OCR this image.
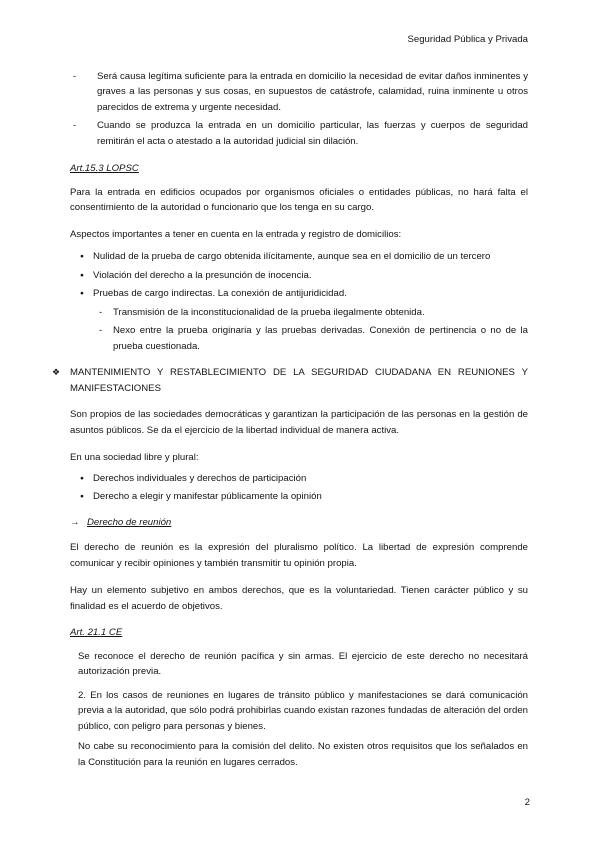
Seguridad Pública y Privada
-	Será causa legítima suficiente para la entrada en domicilio la necesidad de evitar daños inminentes y graves a las personas y sus cosas, en supuestos de catástrofe, calamidad, ruina inminente u otros parecidos de extrema y urgente necesidad.
-	Cuando se produzca la entrada en un domicilio particular, las fuerzas y cuerpos de seguridad remitirán el acta o atestado a la autoridad judicial sin dilación.
Art.15.3 LOPSC
Para la entrada en edificios ocupados por organismos oficiales o entidades públicas, no hará falta el consentimiento de la autoridad o funcionario que los tenga en su cargo.
Aspectos importantes a tener en cuenta en la entrada y registro de domicilios:
● Nulidad de la prueba de cargo obtenida ilícitamente, aunque sea en el domicilio de un tercero
● Violación del derecho a la presunción de inocencia.
● Pruebas de cargo indirectas. La conexión de antijuridicidad.
-	Transmisión de la inconstitucionalidad de la prueba ilegalmente obtenida.
-	Nexo entre la prueba originaria y las pruebas derivadas. Conexión de pertinencia o no de la prueba cuestionada.
❖ MANTENIMIENTO Y RESTABLECIMIENTO DE LA SEGURIDAD CIUDADANA EN REUNIONES Y MANIFESTACIONES
Son propios de las sociedades democráticas y garantizan la participación de las personas en la gestión de asuntos públicos. Se da el ejercicio de la libertad individual de manera activa.
En una sociedad libre y plural:
● Derechos individuales y derechos de participación
● Derecho a elegir y manifestar públicamente la opinión
→ Derecho de reunión
El derecho de reunión es la expresión del pluralismo político. La libertad de expresión comprende comunicar y recibir opiniones y también transmitir tu opinión propia.
Hay un elemento subjetivo en ambos derechos, que es la voluntariedad. Tienen carácter público y su finalidad es el acuerdo de objetivos.
Art. 21.1 CE
Se reconoce el derecho de reunión pacífica y sin armas. El ejercicio de este derecho no necesitará autorización previa.
2. En los casos de reuniones en lugares de tránsito público y manifestaciones se dará comunicación previa a la autoridad, que sólo podrá prohibirlas cuando existan razones fundadas de alteración del orden público, con peligro para personas y bienes.
No cabe su reconocimiento para la comisión del delito. No existen otros requisitos que los señalados en la Constitución para la reunión en lugares cerrados.
2
